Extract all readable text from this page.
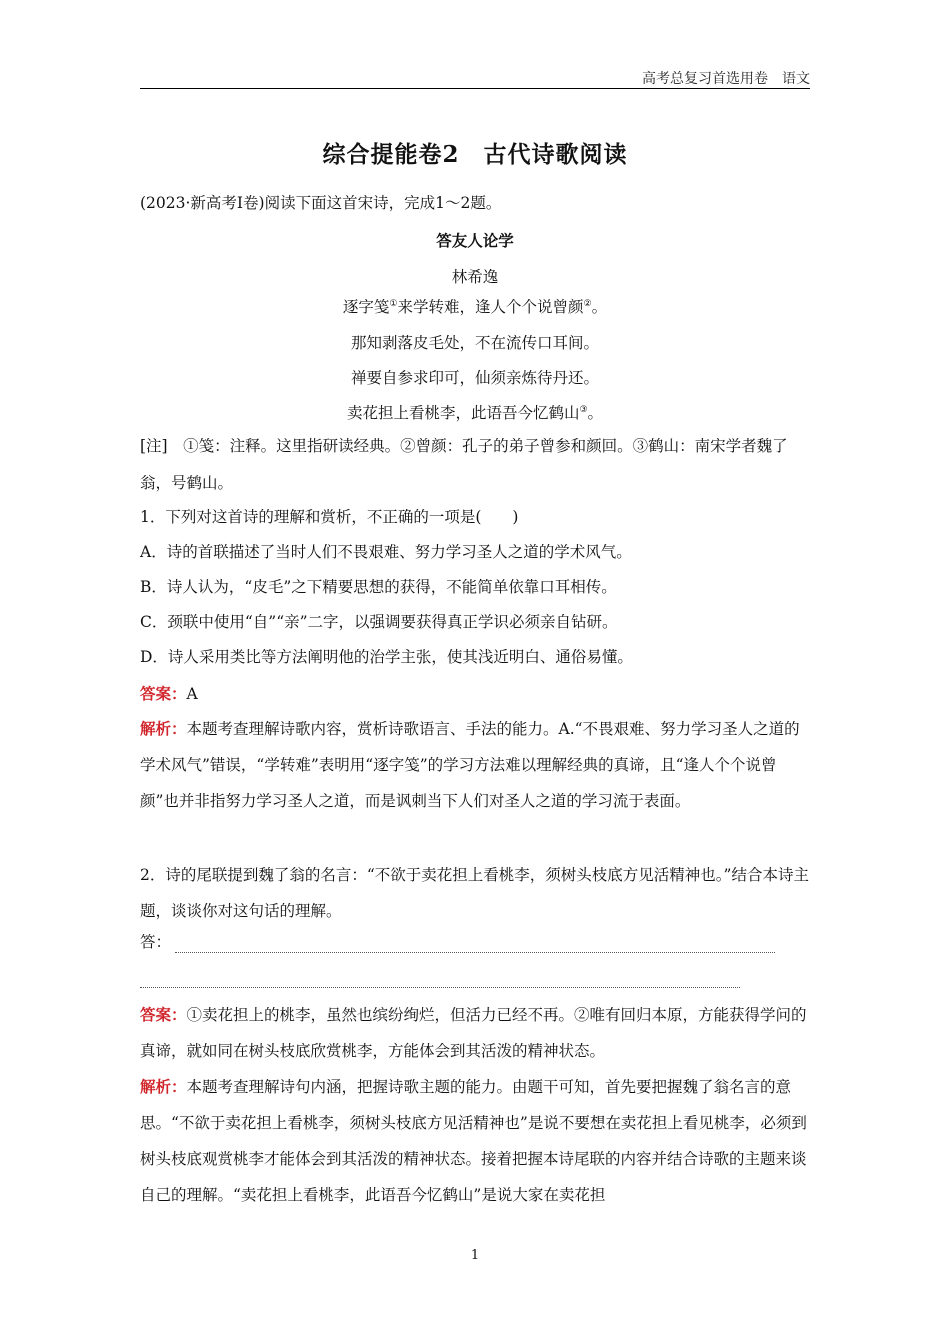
高考总复习首选用卷　语文
综合提能卷2　古代诗歌阅读
(2023·新高考Ⅰ卷)阅读下面这首宋诗，完成1～2题。
答友人论学
林希逸
逐字笺①来学转难，逢人个个说曾颜②。
那知剥落皮毛处，不在流传口耳间。
禅要自参求印可，仙须亲炼待丹还。
卖花担上看桃李，此语吾今忆鹤山③。
[注]　①笺：注释。这里指研读经典。②曾颜：孔子的弟子曾参和颜回。③鹤山：南宋学者魏了翁，号鹤山。
1．下列对这首诗的理解和赏析，不正确的一项是(　　)
A．诗的首联描述了当时人们不畏艰难、努力学习圣人之道的学术风气。
B．诗人认为，“皮毛”之下精要思想的获得，不能简单依靠口耳相传。
C．颈联中使用“自”“亲”二字，以强调要获得真正学识必须亲自钻研。
D．诗人采用类比等方法阐明他的治学主张，使其浅近明白、通俗易懂。
答案：A
解析：本题考查理解诗歌内容，赏析诗歌语言、手法的能力。A.“不畏艰难、努力学习圣人之道的学术风气”错误，“学转难”表明用“逐字笺”的学习方法难以理解经典的真谛，且“逢人个个说曾颜”也并非指努力学习圣人之道，而是讽刺当下人们对圣人之道的学习流于表面。
2．诗的尾联提到魏了翁的名言：“不欲于卖花担上看桃李，须树头枝底方见活精神也。”结合本诗主题，谈谈你对这句话的理解。
答：
答案：①卖花担上的桃李，虽然也缤纷绚烂，但活力已经不再。②唯有回归本原，方能获得学问的真谛，就如同在树头枝底欣赏桃李，方能体会到其活泼的精神状态。
解析：本题考查理解诗句内涵，把握诗歌主题的能力。由题干可知，首先要把握魏了翁名言的意思。“不欲于卖花担上看桃李，须树头枝底方见活精神也”是说不要想在卖花担上看见桃李，必须到树头枝底观赏桃李才能体会到其活泼的精神状态。接着把握本诗尾联的内容并结合诗歌的主题来谈自己的理解。“卖花担上看桃李，此语吾今忆鹤山”是说大家在卖花担
1
